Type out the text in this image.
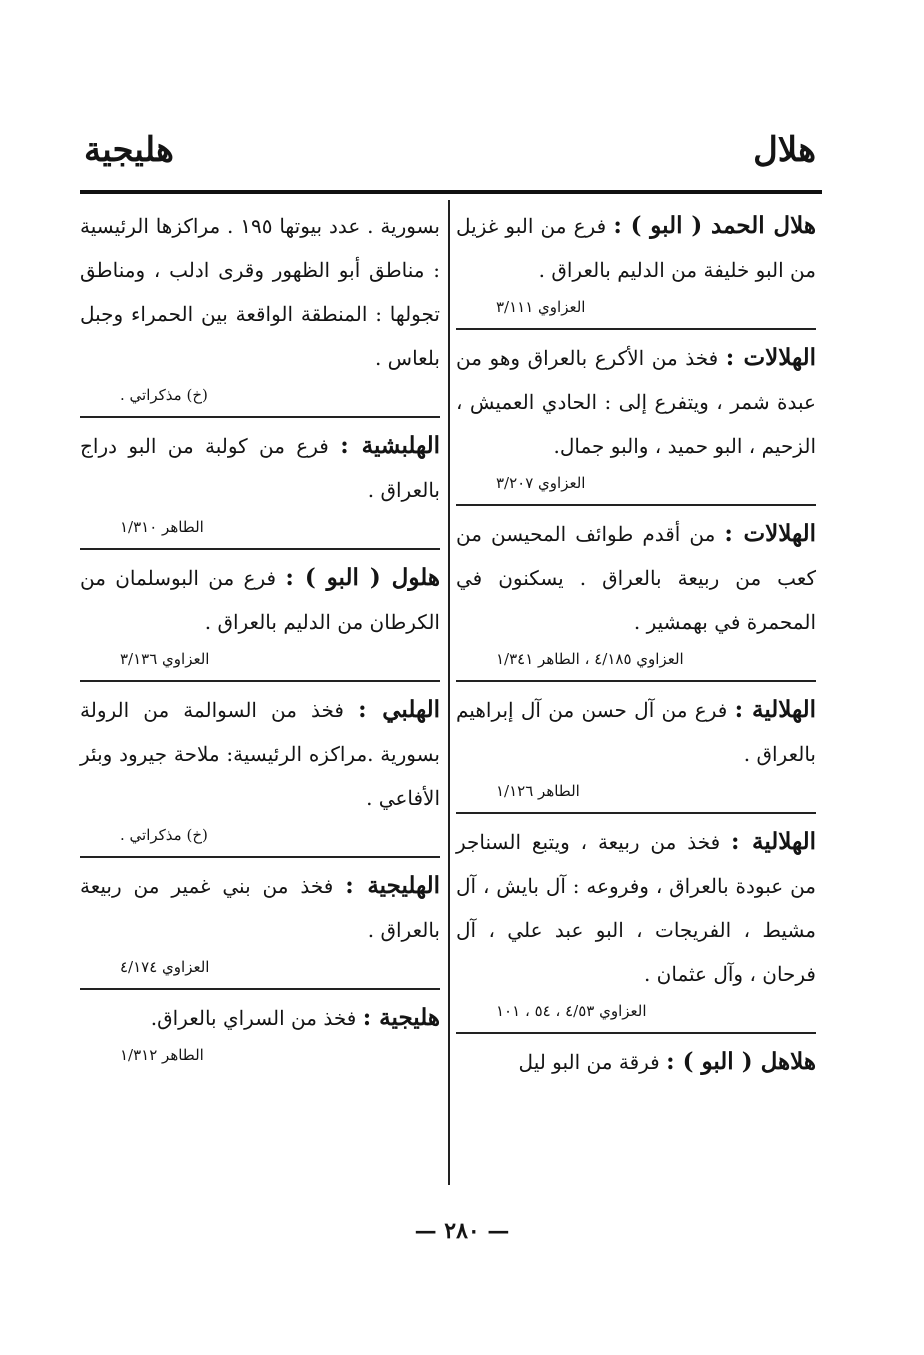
هلال
هليجية

هلال الحمد ( البو ) : فرع من البو غزيل من البو خليفة من الدليم بالعراق .

العزاوي ٣/١١١

الهلالات : فخذ من الأكرع بالعراق وهو من عبدة شمر ، ويتفرع إلى : الحادي العميش ، الزحيم ، البو حميد ، والبو جمال.

العزاوي ٣/٢٠٧

الهلالات : من أقدم طوائف المحيسن من كعب من ربيعة بالعراق . يسكنون في المحمرة في بهمشير .

العزاوي ٤/١٨٥ ، الطاهر ١/٣٤١

الهلالية : فرع من آل حسن من آل إبراهيم بالعراق .

الطاهر ١/١٢٦

الهلالية : فخذ من ربيعة ، ويتبع السناجر من عبودة بالعراق ، وفروعه : آل بايش ، آل مشيط ، الفريجات ، البو عبد علي ، آل فرحان ، وآل عثمان .

العزاوي ٤/٥٣ ، ٥٤ ، ١٠١

هلاهل ( البو ) : فرقة من البو ليل

بسورية . عدد بيوتها ١٩٥ . مراكزها الرئيسية : مناطق أبو الظهور وقرى ادلب ، ومناطق تجولها : المنطقة الواقعة بين الحمراء وجبل بلعاس .

(خ) مذكراتي .

الهلبشية : فرع من كولبة من البو دراج بالعراق .

الطاهر ١/٣١٠

هلول ( البو ) : فرع من البوسلمان من الكرطان من الدليم بالعراق .

العزاوي ٣/١٣٦

الهلبي : فخذ من السوالمة من الرولة بسورية .مراكزه الرئيسية: ملاحة جيرود وبئر الأفاعي .

(خ) مذكراتي .

الهليجية : فخذ من بني غمير من ربيعة بالعراق .

العزاوي ٤/١٧٤

هليجية : فخذ من السراي بالعراق.

الطاهر ١/٣١٢

— ٢٨٠ —
